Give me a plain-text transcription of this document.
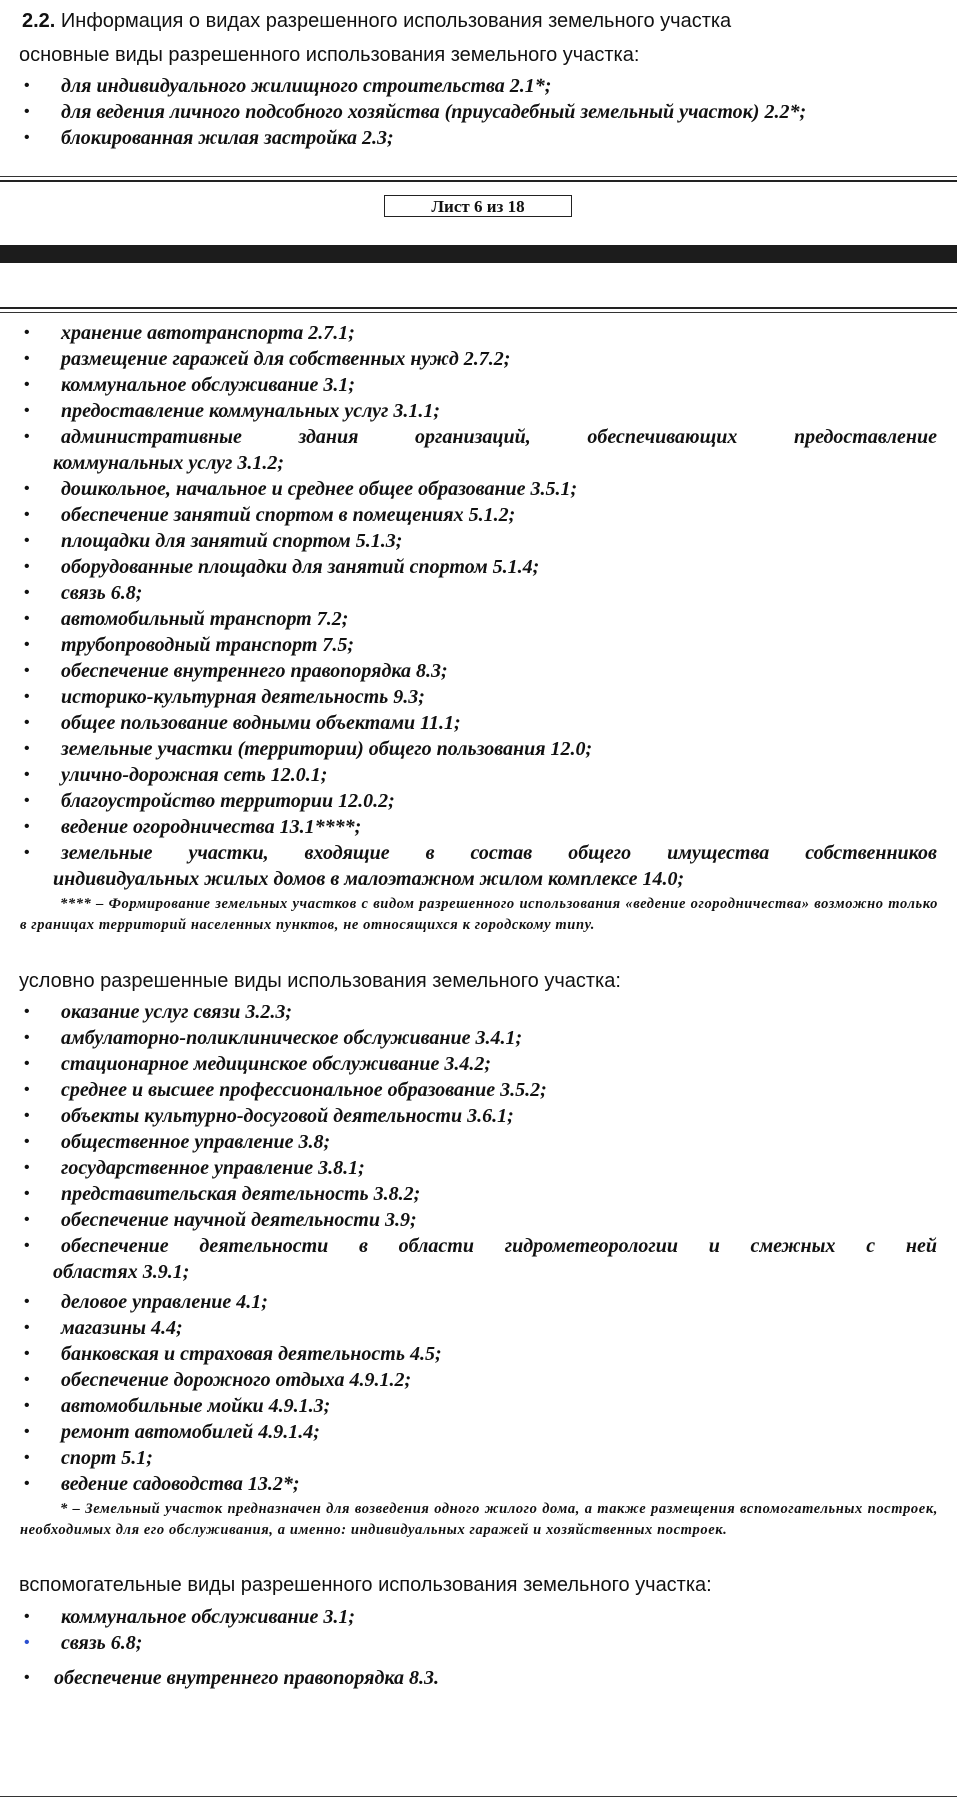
2.2. Информация о видах разрешенного использования земельного участка
основные виды разрешенного использования земельного участка:
• для индивидуального жилищного строительства 2.1*;
• для ведения личного подсобного хозяйства (приусадебный земельный участок) 2.2*;
• блокированная жилая застройка 2.3;
Лист 6 из 18
• хранение автотранспорта 2.7.1;
• размещение гаражей для собственных нужд 2.7.2;
• коммунальное обслуживание 3.1;
• предоставление коммунальных услуг 3.1.1;
• административные здания организаций, обеспечивающих предоставление
коммунальных услуг 3.1.2;
• дошкольное, начальное и среднее общее образование 3.5.1;
• обеспечение занятий спортом в помещениях 5.1.2;
• площадки для занятий спортом 5.1.3;
• оборудованные площадки для занятий спортом 5.1.4;
• связь 6.8;
• автомобильный транспорт 7.2;
• трубопроводный транспорт 7.5;
• обеспечение внутреннего правопорядка 8.3;
• историко-культурная деятельность 9.3;
• общее пользование водными объектами 11.1;
• земельные участки (территории) общего пользования 12.0;
• улично-дорожная сеть 12.0.1;
• благоустройство территории 12.0.2;
• ведение огородничества 13.1****;
• земельные участки, входящие в состав общего имущества собственников
индивидуальных жилых домов в малоэтажном жилом комплексе 14.0;
**** – Формирование земельных участков с видом разрешенного использования «ведение огородничества» возможно только в границах территорий населенных пунктов, не относящихся к городскому типу.
условно разрешенные виды использования земельного участка:
• оказание услуг связи 3.2.3;
• амбулаторно-поликлиническое обслуживание 3.4.1;
• стационарное медицинское обслуживание 3.4.2;
• среднее и высшее профессиональное образование 3.5.2;
• объекты культурно-досуговой деятельности 3.6.1;
• общественное управление 3.8;
• государственное управление 3.8.1;
• представительская деятельность 3.8.2;
• обеспечение научной деятельности 3.9;
• обеспечение деятельности в области гидрометеорологии и смежных с ней
областях 3.9.1;
• деловое управление 4.1;
• магазины 4.4;
• банковская и страховая деятельность 4.5;
• обеспечение дорожного отдыха 4.9.1.2;
• автомобильные мойки 4.9.1.3;
• ремонт автомобилей 4.9.1.4;
• спорт 5.1;
• ведение садоводства 13.2*;
* – Земельный участок предназначен для возведения одного жилого дома, а также размещения вспомогательных построек, необходимых для его обслуживания, а именно: индивидуальных гаражей и хозяйственных построек.
вспомогательные виды разрешенного использования земельного участка:
• коммунальное обслуживание 3.1;
• связь 6.8;
• обеспечение внутреннего правопорядка 8.3.
